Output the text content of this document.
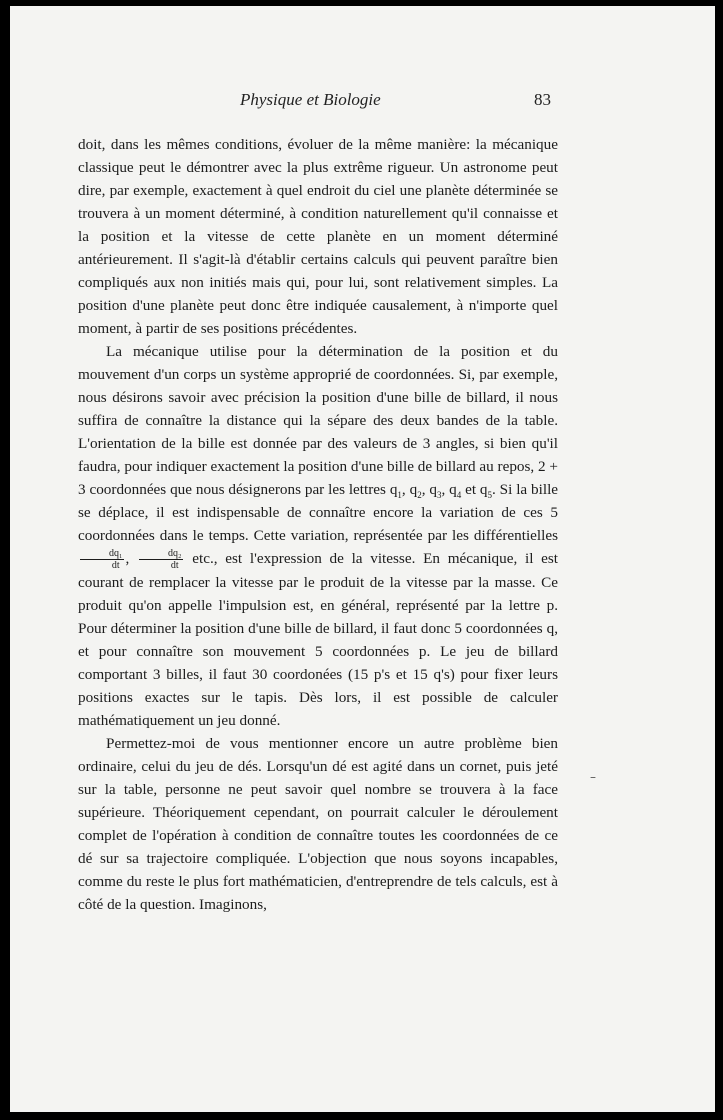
Physique et Biologie	83

doit, dans les mêmes conditions, évoluer de la même manière: la mécanique classique peut le démontrer avec la plus extrême rigueur. Un astronome peut dire, par exemple, exactement à quel endroit du ciel une planète déterminée se trouvera à un moment déterminé, à condition naturellement qu'il connaisse et la position et la vitesse de cette planète en un moment déterminé antérieurement. Il s'agit-là d'établir certains calculs qui peuvent paraître bien compliqués aux non initiés mais qui, pour lui, sont relativement simples. La position d'une planète peut donc être indiquée causalement, à n'importe quel moment, à partir de ses positions précédentes.

La mécanique utilise pour la détermination de la position et du mouvement d'un corps un système approprié de coordonnées. Si, par exemple, nous désirons savoir avec précision la position d'une bille de billard, il nous suffira de connaître la distance qui la sépare des deux bandes de la table. L'orientation de la bille est donnée par des valeurs de 3 angles, si bien qu'il faudra, pour indiquer exactement la position d'une bille de billard au repos, 2 + 3 coordonnées que nous désignerons par les lettres $q_1$, $q_2$, $q_3$, $q_4$ et $q_5$. Si la bille se déplace, il est indispensable de connaître encore la variation de ces 5 coordonnées dans le temps. Cette variation, représentée par les différentielles
$\frac{\text{dq₁}}{dt}$ , $\frac{\text{dq₂}}{dt}$ etc., est l'expression de la vitesse. En mécanique, il est courant de remplacer la vitesse par le produit de la vitesse par la masse. Ce produit qu'on appelle l'impulsion est, en général, représenté par la lettre p. Pour déterminer la position d'une bille de billard, il faut donc 5 coordonnées q, et pour connaître son mouvement 5 coordonnées p. Le jeu de billard comportant 3 billes, il faut 30 coordonées (15 p's et 15 q's) pour fixer leurs positions exactes sur le tapis. Dès lors, il est possible de calculer mathématiquement un jeu donné.

Permettez-moi de vous mentionner encore un autre problème bien ordinaire, celui du jeu de dés. Lorsqu'un dé est agité dans un cornet, puis jeté sur la table, personne ne peut savoir quel nombre se trouvera à la face supérieure. Théoriquement cependant, on pourrait calculer le déroulement complet de l'opération à condition de connaître toutes les coordonnées de ce dé sur sa trajectoire compliquée. L'objection que nous soyons incapables, comme du reste le plus fort mathématicien, d'entreprendre de tels calculs, est à côté de la question. Imaginons,

–
